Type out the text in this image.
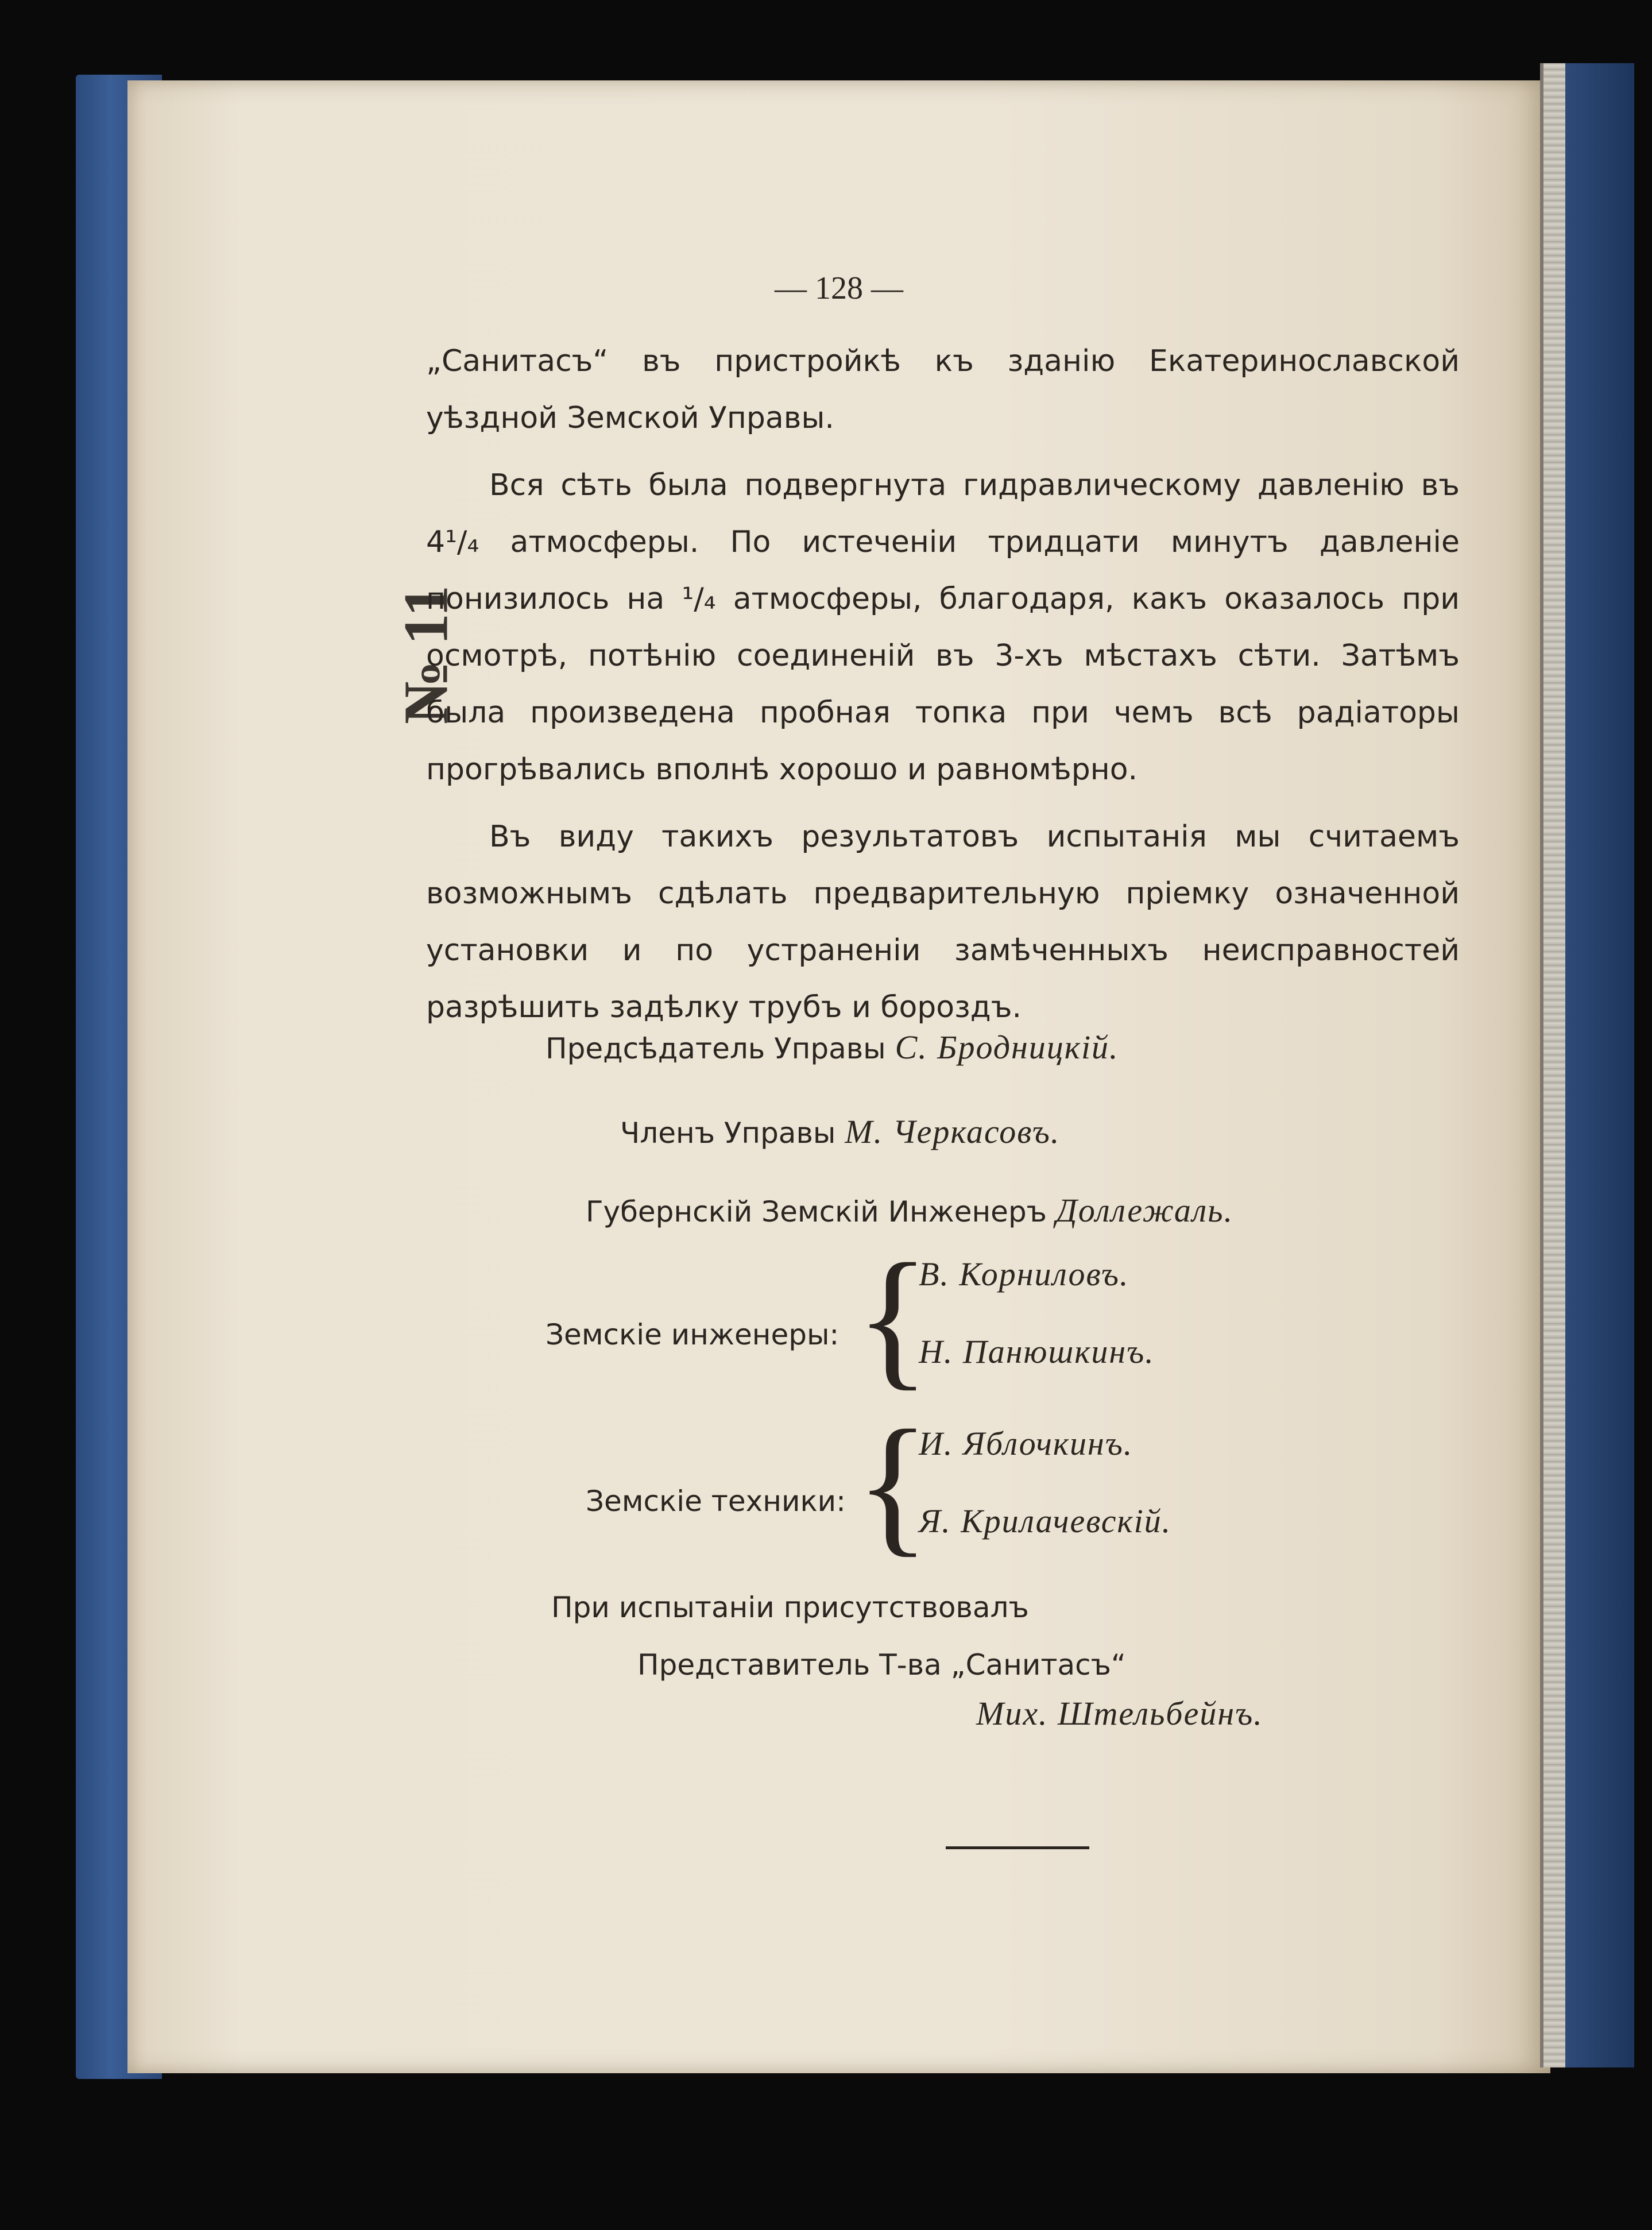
— 128 —
№ 11

„Санитасъ“ въ пристройкѣ къ зданію Екатеринославской уѣздной Земской Управы.

Вся сѣть была подвергнута гидравлическому давленію въ 4¹/₄ атмосферы. По истеченіи тридцати минутъ давленіе понизилось на ¹/₄ атмосферы, благодаря, какъ оказалось при осмотрѣ, потѣнію соединеній въ 3-хъ мѣстахъ сѣти. Затѣмъ была произведена пробная топка при чемъ всѣ радіаторы прогрѣвались вполнѣ хорошо и равномѣрно.

Въ виду такихъ результатовъ испытанія мы считаемъ возможнымъ сдѣлать предварительную пріемку означенной установки и по устраненіи замѣченныхъ неисправностей разрѣшить задѣлку трубъ и бороздъ.

Предсѣдатель Управы С. Бродницкій.
Членъ Управы М. Черкасовъ.
Губернскій Земскій Инженеръ Доллежаль.
Земскіе инженеры: {
В. Корниловъ.
Н. Панюшкинъ.
Земскіе техники: {
И. Яблочкинъ.
Я. Крилачевскій.
При испытаніи присутствовалъ
Представитель Т-ва „Санитасъ“
Мих. Штельбейнъ.
